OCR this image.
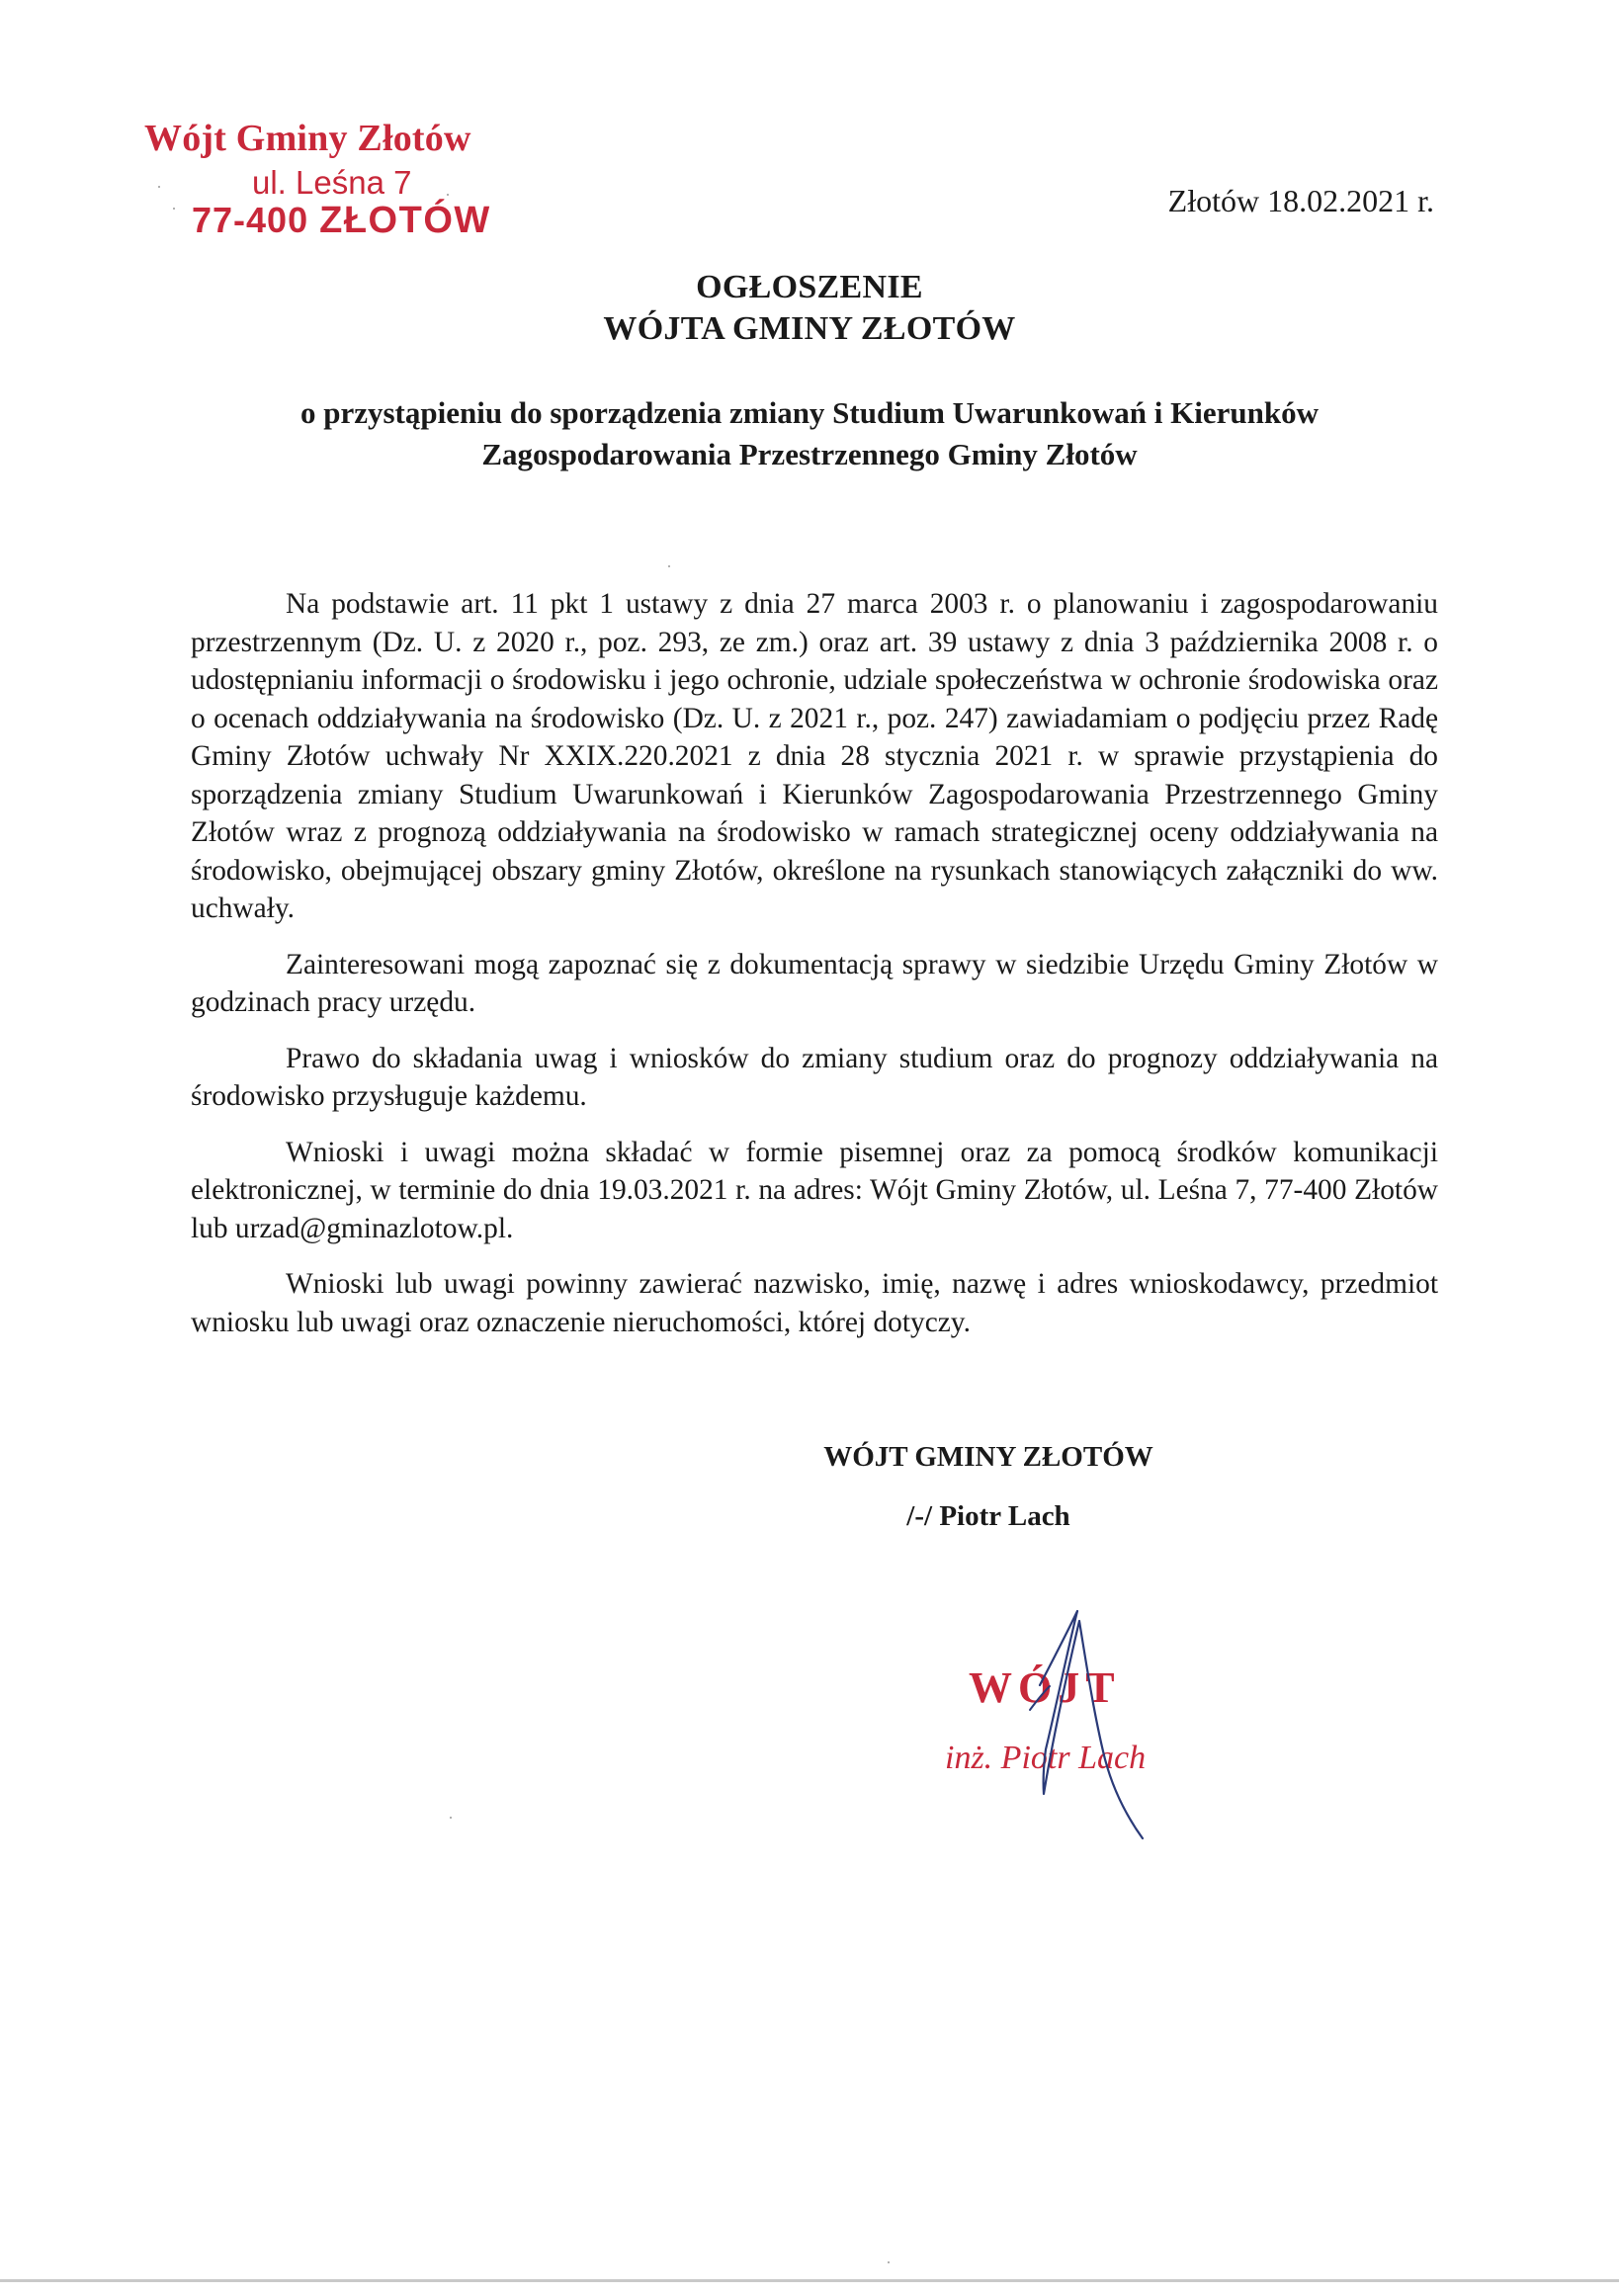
Wójt Gminy Złotów
ul. Leśna 7
77-400 ZŁOTÓW	Złotów 18.02.2021 r.
OGŁOSZENIE
WÓJTA GMINY ZŁOTÓW
o przystąpieniu do sporządzenia zmiany Studium Uwarunkowań i Kierunków
Zagospodarowania Przestrzennego Gminy Złotów

Na podstawie art. 11 pkt 1 ustawy z dnia 27 marca 2003 r. o planowaniu i zagospodarowaniu przestrzennym (Dz. U. z 2020 r., poz. 293, ze zm.) oraz art. 39 ustawy z dnia 3 października 2008 r. o udostępnianiu informacji o środowisku i jego ochronie, udziale społeczeństwa w ochronie środowiska oraz o ocenach oddziaływania na środowisko (Dz. U. z 2021 r., poz. 247) zawiadamiam o podjęciu przez Radę Gminy Złotów uchwały Nr XXIX.220.2021 z dnia 28 stycznia 2021 r. w sprawie przystąpienia do sporządzenia zmiany Studium Uwarunkowań i Kierunków Zagospodarowania Przestrzennego Gminy Złotów wraz z prognozą oddziaływania na środowisko w ramach strategicznej oceny oddziaływania na środowisko, obejmującej obszary gminy Złotów, określone na rysunkach stanowiących załączniki do ww. uchwały.

Zainteresowani mogą zapoznać się z dokumentacją sprawy w siedzibie Urzędu Gminy Złotów w godzinach pracy urzędu.

Prawo do składania uwag i wniosków do zmiany studium oraz do prognozy oddziaływania na środowisko przysługuje każdemu.

Wnioski i uwagi można składać w formie pisemnej oraz za pomocą środków komunikacji elektronicznej, w terminie do dnia 19.03.2021 r. na adres: Wójt Gminy Złotów, ul. Leśna 7, 77-400 Złotów lub urzad@gminazlotow.pl.

Wnioski lub uwagi powinny zawierać nazwisko, imię, nazwę i adres wnioskodawcy, przedmiot wniosku lub uwagi oraz oznaczenie nieruchomości, której dotyczy.

WÓJT GMINY ZŁOTÓW
/-/ Piotr Lach
WÓJT
inż. Piotr Lach
